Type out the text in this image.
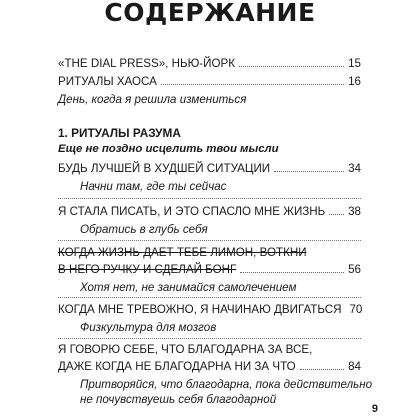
СОДЕРЖАНИЕ
«THE DIAL PRESS», НЬЮ-ЙОРК	15
РИТУАЛЫ ХАОСА	16
День, когда я решила измениться
1. РИТУАЛЫ РАЗУМА
Еще не поздно исцелить твои мысли
БУДЬ ЛУЧШЕЙ В ХУДШЕЙ СИТУАЦИИ	34
Начни там, где ты сейчас
Я СТАЛА ПИСАТЬ, И ЭТО СПАСЛО МНЕ ЖИЗНЬ 38
Обратись в глубь себя
КОГДА ЖИЗНЬ ДАЕТ ТЕБЕ ЛИМОН, ВОТКНИ
В НЕГО РУЧКУ И СДЕЛАЙ БОНГ	56
Хотя нет, не занимайся самолечением
КОГДА МНЕ ТРЕВОЖНО, Я НАЧИНАЮ ДВИГАТЬСЯ 70
Физкультура для мозгов
Я ГОВОРЮ СЕБЕ, ЧТО БЛАГОДАРНА ЗА ВСЕ,
ДАЖЕ КОГДА НЕ БЛАГОДАРНА НИ ЗА ЧТО	84
Притворяйся, что благодарна, пока действительно
не почувствуешь себя благодарной
9
